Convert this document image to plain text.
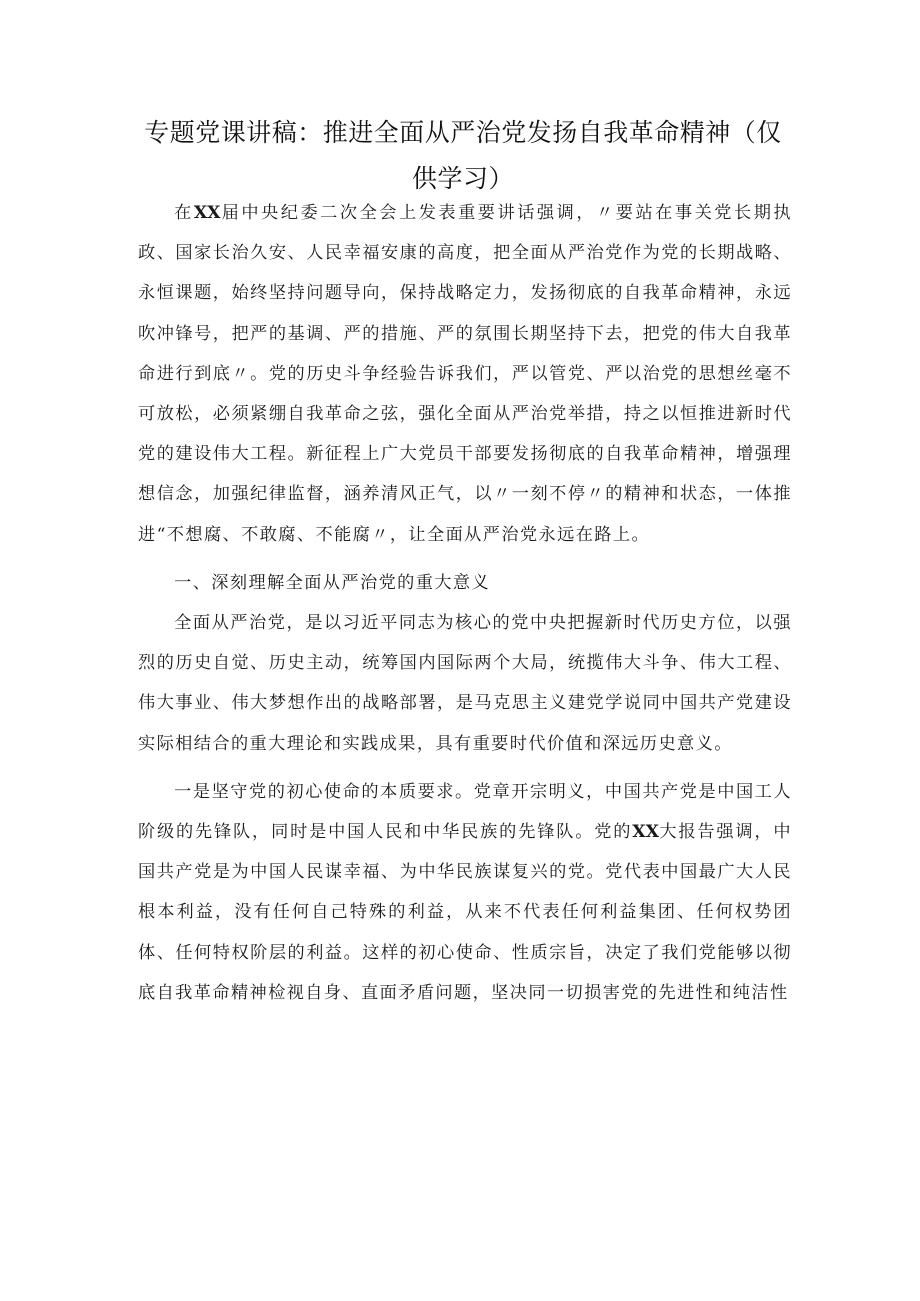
专题党课讲稿：推进全面从严治党发扬自我革命精神（仅供学习）

在XX届中央纪委二次全会上发表重要讲话强调，〃要站在事关党长期执政、国家长治久安、人民幸福安康的高度，把全面从严治党作为党的长期战略、永恒课题，始终坚持问题导向，保持战略定力，发扬彻底的自我革命精神，永远吹冲锋号，把严的基调、严的措施、严的氛围长期坚持下去，把党的伟大自我革命进行到底〃。党的历史斗争经验告诉我们，严以管党、严以治党的思想丝毫不可放松，必须紧绷自我革命之弦，强化全面从严治党举措，持之以恒推进新时代党的建设伟大工程。新征程上广大党员干部要发扬彻底的自我革命精神，增强理想信念，加强纪律监督，涵养清风正气，以〃一刻不停〃的精神和状态，一体推进“不想腐、不敢腐、不能腐〃，让全面从严治党永远在路上。

一、深刻理解全面从严治党的重大意义

全面从严治党，是以习近平同志为核心的党中央把握新时代历史方位，以强烈的历史自觉、历史主动，统筹国内国际两个大局，统揽伟大斗争、伟大工程、伟大事业、伟大梦想作出的战略部署，是马克思主义建党学说同中国共产党建设实际相结合的重大理论和实践成果，具有重要时代价值和深远历史意义。

一是坚守党的初心使命的本质要求。党章开宗明义，中国共产党是中国工人阶级的先锋队，同时是中国人民和中华民族的先锋队。党的XX大报告强调，中国共产党是为中国人民谋幸福、为中华民族谋复兴的党。党代表中国最广大人民根本利益，没有任何自己特殊的利益，从来不代表任何利益集团、任何权势团体、任何特权阶层的利益。这样的初心使命、性质宗旨，决定了我们党能够以彻底自我革命精神检视自身、直面矛盾问题，坚决同一切损害党的先进性和纯洁性
